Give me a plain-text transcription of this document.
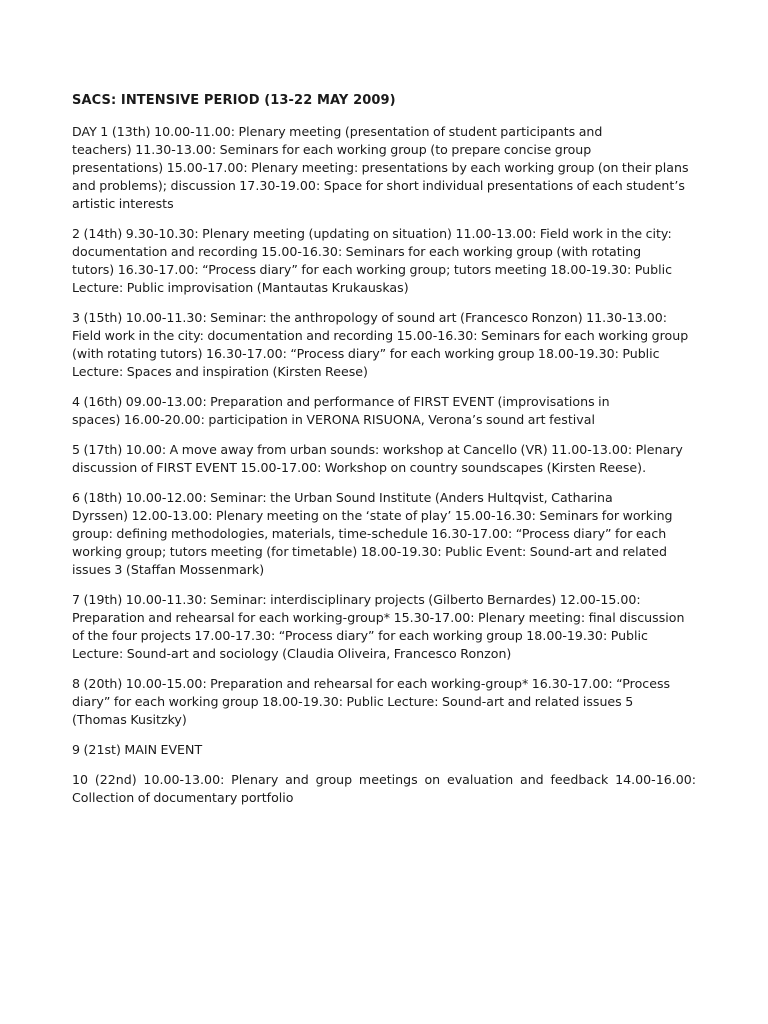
SACS: INTENSIVE PERIOD (13-22 MAY 2009)
DAY 1 (13th) 10.00-11.00: Plenary meeting (presentation of student participants and
teachers) 11.30-13.00: Seminars for each working group (to prepare concise group
presentations) 15.00-17.00: Plenary meeting: presentations by each working group (on their plans
and problems); discussion 17.30-19.00: Space for short individual presentations of each student’s
artistic interests
2 (14th) 9.30-10.30: Plenary meeting (updating on situation) 11.00-13.00: Field work in the city:
documentation and recording 15.00-16.30: Seminars for each working group (with rotating
tutors) 16.30-17.00: “Process diary” for each working group; tutors meeting 18.00-19.30: Public
Lecture: Public improvisation (Mantautas Krukauskas)
3 (15th) 10.00-11.30: Seminar: the anthropology of sound art (Francesco Ronzon) 11.30-13.00:
Field work in the city: documentation and recording 15.00-16.30: Seminars for each working group
(with rotating tutors) 16.30-17.00: “Process diary” for each working group 18.00-19.30: Public
Lecture: Spaces and inspiration (Kirsten Reese)
4 (16th) 09.00-13.00: Preparation and performance of FIRST EVENT (improvisations in
spaces) 16.00-20.00: participation in VERONA RISUONA, Verona’s sound art festival
5 (17th) 10.00: A move away from urban sounds: workshop at Cancello (VR) 11.00-13.00: Plenary
discussion of FIRST EVENT 15.00-17.00: Workshop on country soundscapes (Kirsten Reese).
6 (18th) 10.00-12.00: Seminar: the Urban Sound Institute (Anders Hultqvist, Catharina
Dyrssen) 12.00-13.00: Plenary meeting on the ‘state of play’ 15.00-16.30: Seminars for working
group: defining methodologies, materials, time-schedule 16.30-17.00: “Process diary” for each
working group; tutors meeting (for timetable) 18.00-19.30: Public Event: Sound-art and related
issues 3 (Staffan Mossenmark)
7 (19th) 10.00-11.30: Seminar: interdisciplinary projects (Gilberto Bernardes) 12.00-15.00:
Preparation and rehearsal for each working-group* 15.30-17.00: Plenary meeting: final discussion
of the four projects 17.00-17.30: “Process diary” for each working group 18.00-19.30: Public
Lecture: Sound-art and sociology (Claudia Oliveira, Francesco Ronzon)
8 (20th) 10.00-15.00: Preparation and rehearsal for each working-group* 16.30-17.00: “Process
diary” for each working group 18.00-19.30: Public Lecture: Sound-art and related issues 5
(Thomas Kusitzky)
9 (21st) MAIN EVENT
10 (22nd) 10.00-13.00: Plenary and group meetings on evaluation and feedback 14.00-16.00:
Collection of documentary portfolio
